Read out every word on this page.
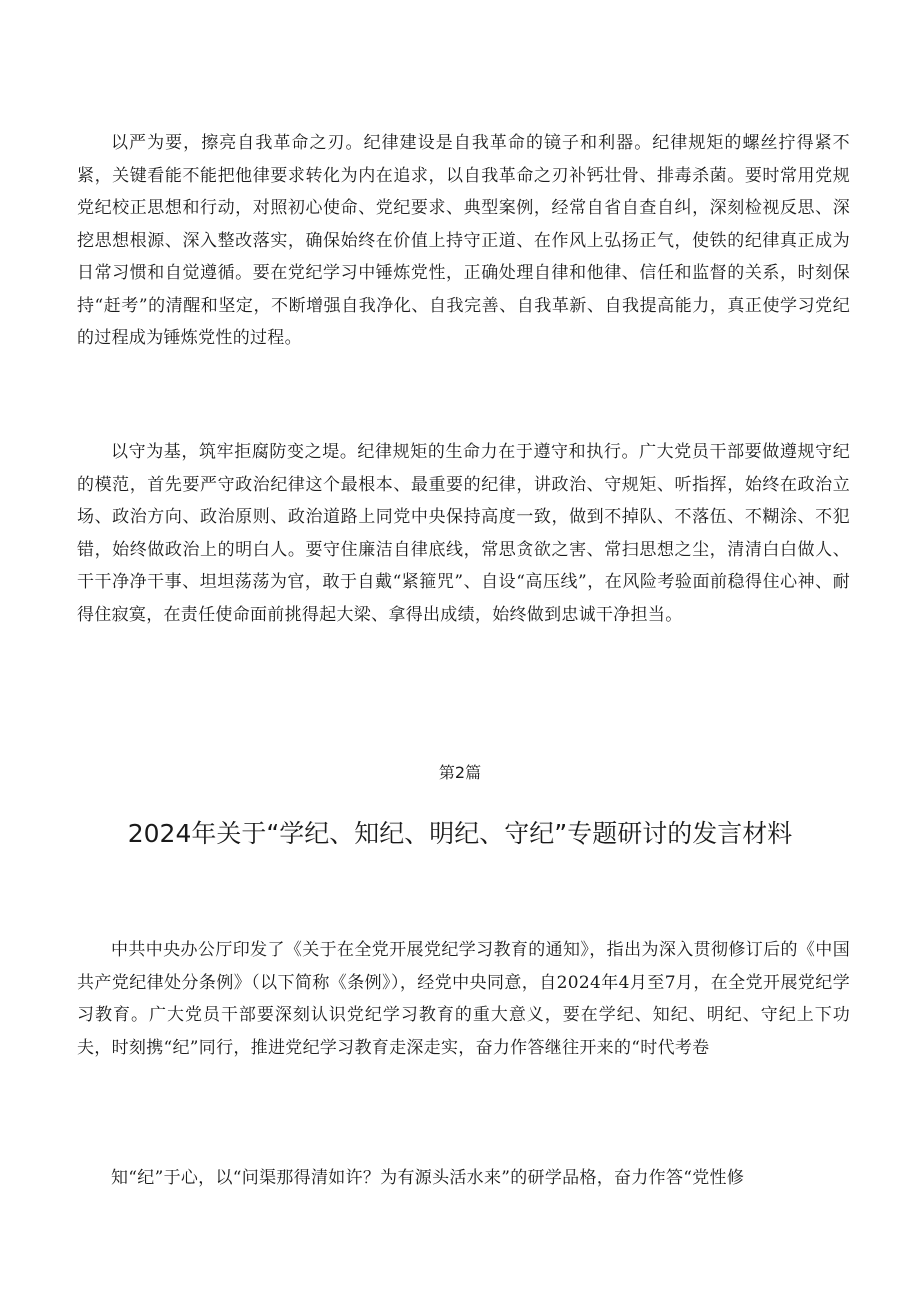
以严为要，擦亮自我革命之刃。纪律建设是自我革命的镜子和利器。纪律规矩的螺丝拧得紧不紧，关键看能不能把他律要求转化为内在追求，以自我革命之刃补钙壮骨、排毒杀菌。要时常用党规党纪校正思想和行动，对照初心使命、党纪要求、典型案例，经常自省自查自纠，深刻检视反思、深挖思想根源、深入整改落实，确保始终在价值上持守正道、在作风上弘扬正气，使铁的纪律真正成为日常习惯和自觉遵循。要在党纪学习中锤炼党性，正确处理自律和他律、信任和监督的关系，时刻保持“赶考”的清醒和坚定，不断增强自我净化、自我完善、自我革新、自我提高能力，真正使学习党纪的过程成为锤炼党性的过程。

以守为基，筑牢拒腐防变之堤。纪律规矩的生命力在于遵守和执行。广大党员干部要做遵规守纪的模范，首先要严守政治纪律这个最根本、最重要的纪律，讲政治、守规矩、听指挥，始终在政治立场、政治方向、政治原则、政治道路上同党中央保持高度一致，做到不掉队、不落伍、不糊涂、不犯错，始终做政治上的明白人。要守住廉洁自律底线，常思贪欲之害、常扫思想之尘，清清白白做人、干干净净干事、坦坦荡荡为官，敢于自戴“紧箍咒”、自设“高压线”，在风险考验面前稳得住心神、耐得住寂寞，在责任使命面前挑得起大梁、拿得出成绩，始终做到忠诚干净担当。

第2篇

2024年关于“学纪、知纪、明纪、守纪”专题研讨的发言材料

中共中央办公厅印发了《关于在全党开展党纪学习教育的通知》，指出为深入贯彻修订后的《中国共产党纪律处分条例》（以下简称《条例》），经党中央同意，自2024年4月至7月，在全党开展党纪学习教育。广大党员干部要深刻认识党纪学习教育的重大意义，要在学纪、知纪、明纪、守纪上下功夫，时刻携“纪”同行，推进党纪学习教育走深走实，奋力作答继往开来的“时代考卷

知“纪”于心，以“问渠那得清如许？为有源头活水来”的研学品格，奋力作答“党性修
